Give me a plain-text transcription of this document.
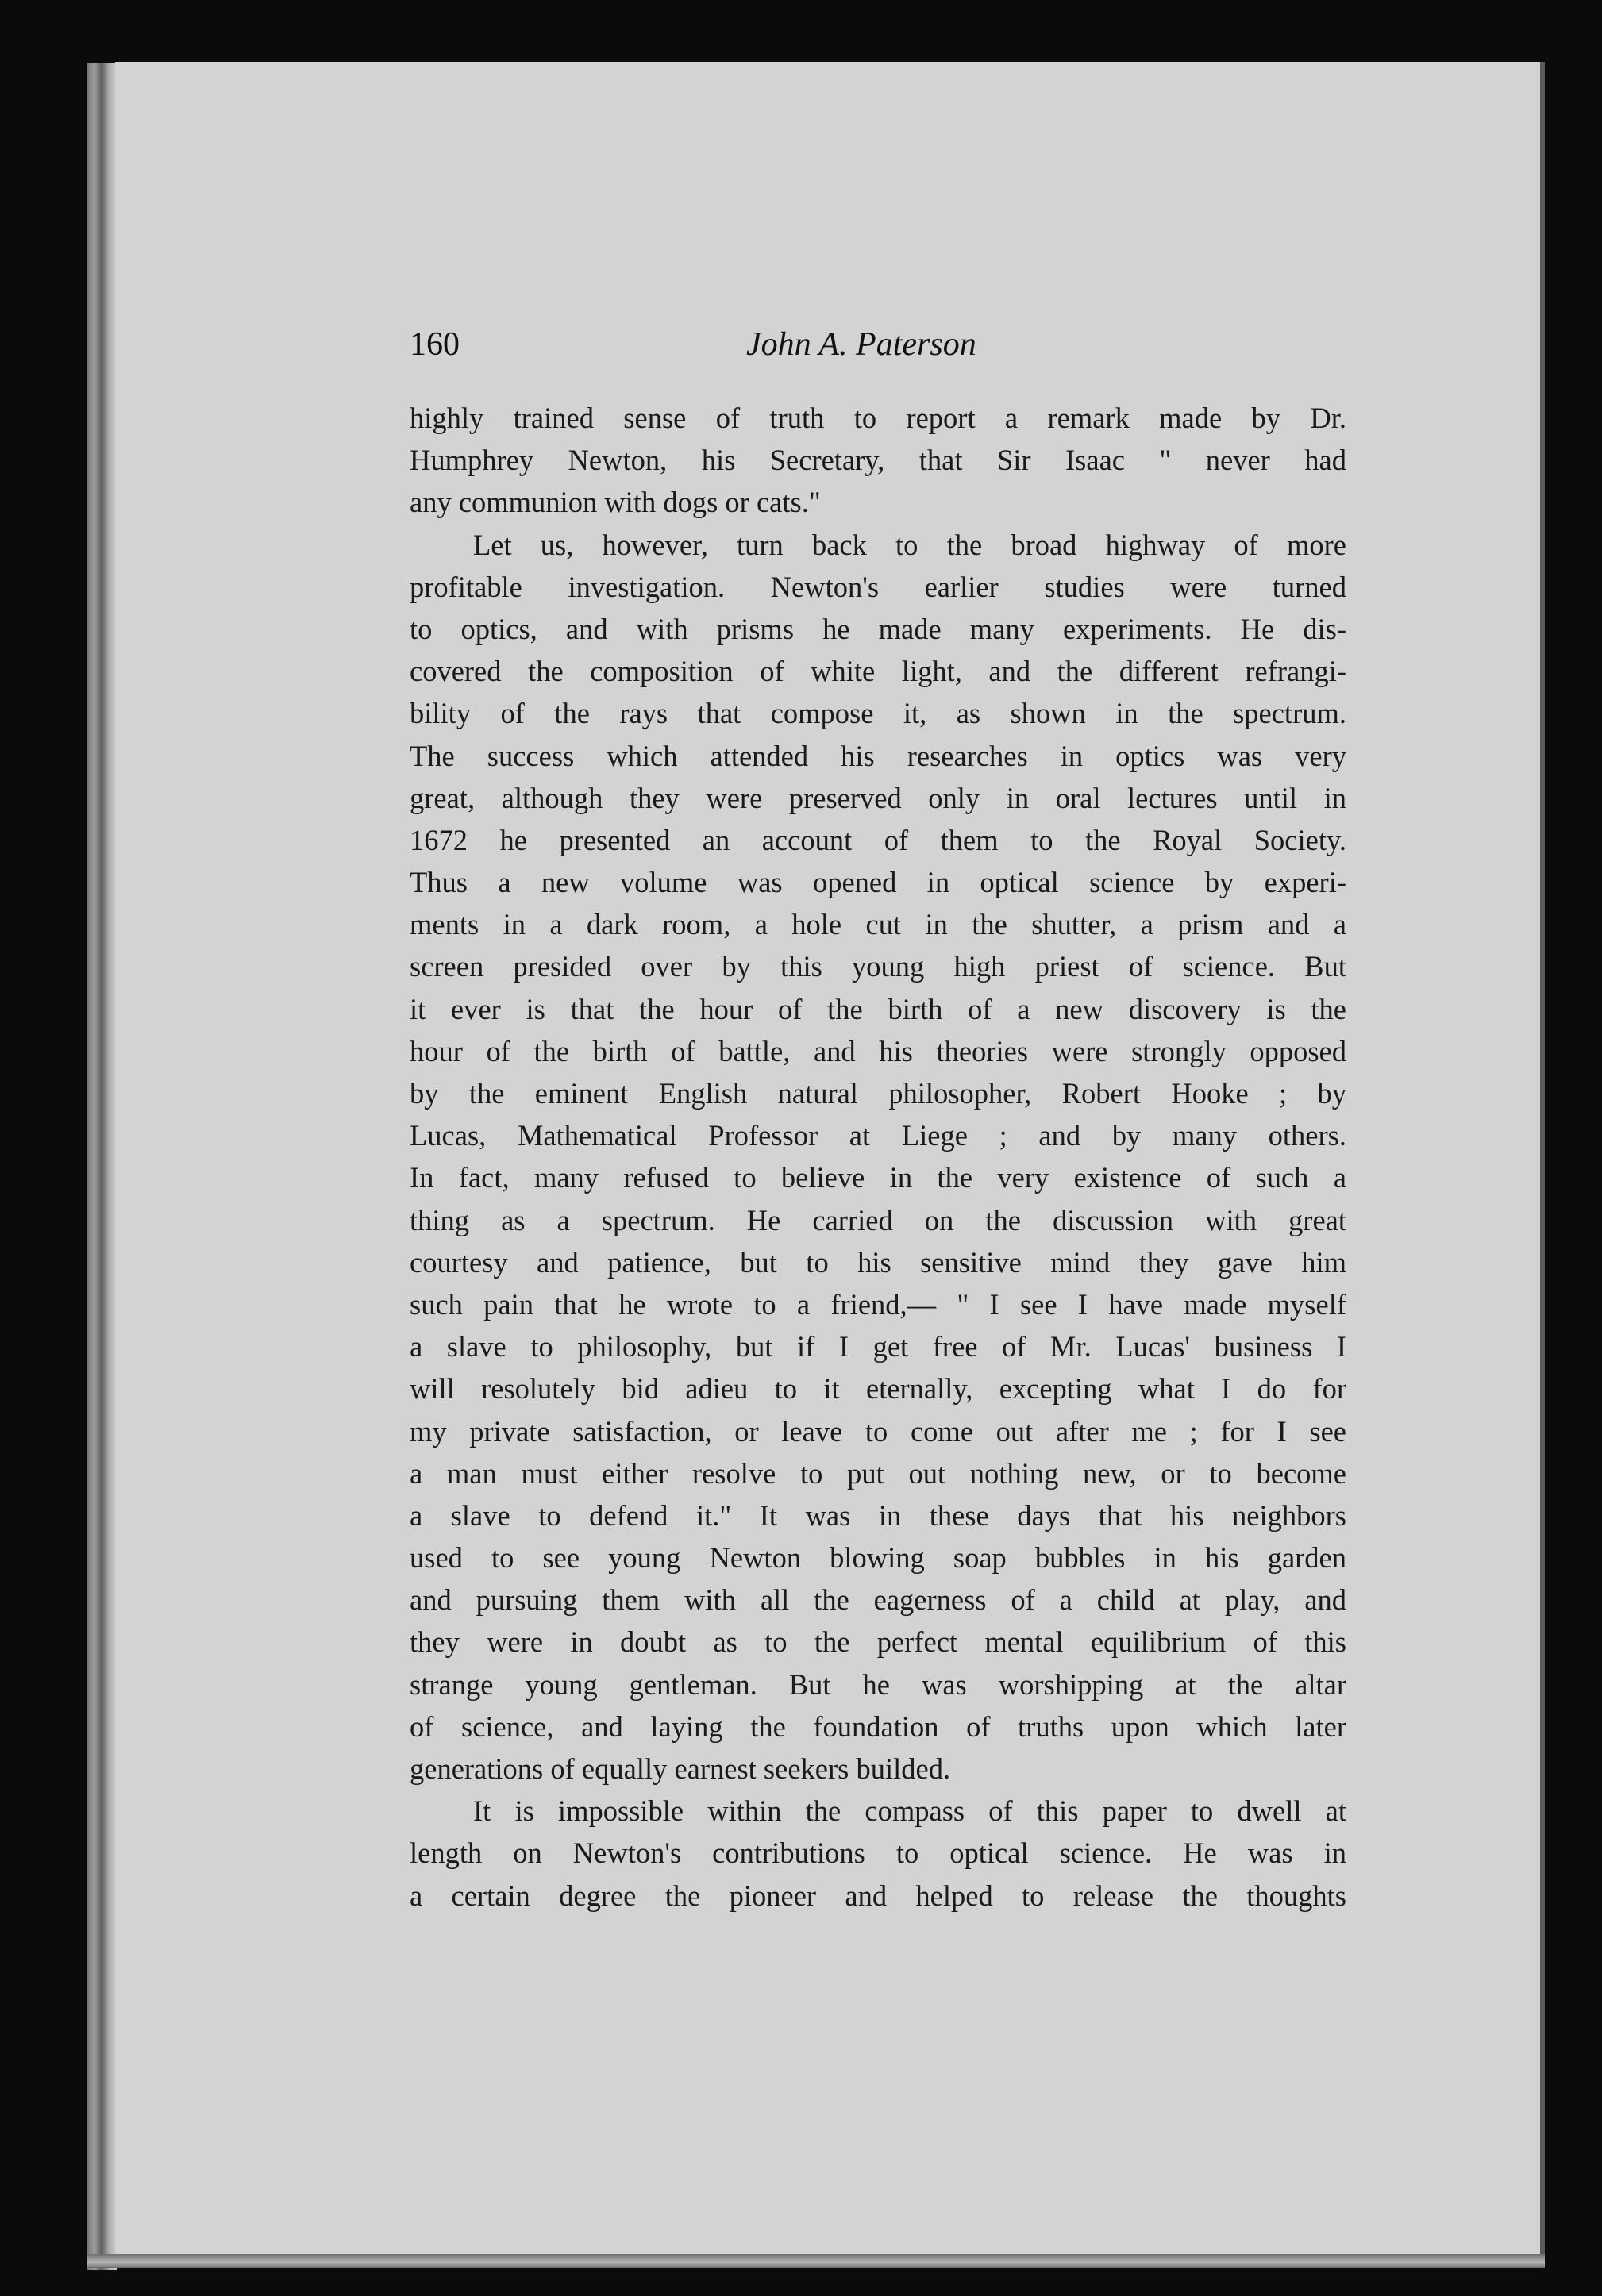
160	John A. Paterson
highly trained sense of truth to report a remark made by Dr.
Humphrey Newton, his Secretary, that Sir Isaac " never had
any communion with dogs or cats."
Let us, however, turn back to the broad highway of more
profitable investigation. Newton's earlier studies were turned
to optics, and with prisms he made many experiments. He dis-
covered the composition of white light, and the different refrangi-
bility of the rays that compose it, as shown in the spectrum.
The success which attended his researches in optics was very
great, although they were preserved only in oral lectures until in
1672 he presented an account of them to the Royal Society.
Thus a new volume was opened in optical science by experi-
ments in a dark room, a hole cut in the shutter, a prism and a
screen presided over by this young high priest of science. But
it ever is that the hour of the birth of a new discovery is the
hour of the birth of battle, and his theories were strongly opposed
by the eminent English natural philosopher, Robert Hooke ; by
Lucas, Mathematical Professor at Liege ; and by many others.
In fact, many refused to believe in the very existence of such a
thing as a spectrum. He carried on the discussion with great
courtesy and patience, but to his sensitive mind they gave him
such pain that he wrote to a friend,— " I see I have made myself
a slave to philosophy, but if I get free of Mr. Lucas' business I
will resolutely bid adieu to it eternally, excepting what I do for
my private satisfaction, or leave to come out after me ; for I see
a man must either resolve to put out nothing new, or to become
a slave to defend it." It was in these days that his neighbors
used to see young Newton blowing soap bubbles in his garden
and pursuing them with all the eagerness of a child at play, and
they were in doubt as to the perfect mental equilibrium of this
strange young gentleman. But he was worshipping at the altar
of science, and laying the foundation of truths upon which later
generations of equally earnest seekers builded.
It is impossible within the compass of this paper to dwell at
length on Newton's contributions to optical science. He was in
a certain degree the pioneer and helped to release the thoughts
